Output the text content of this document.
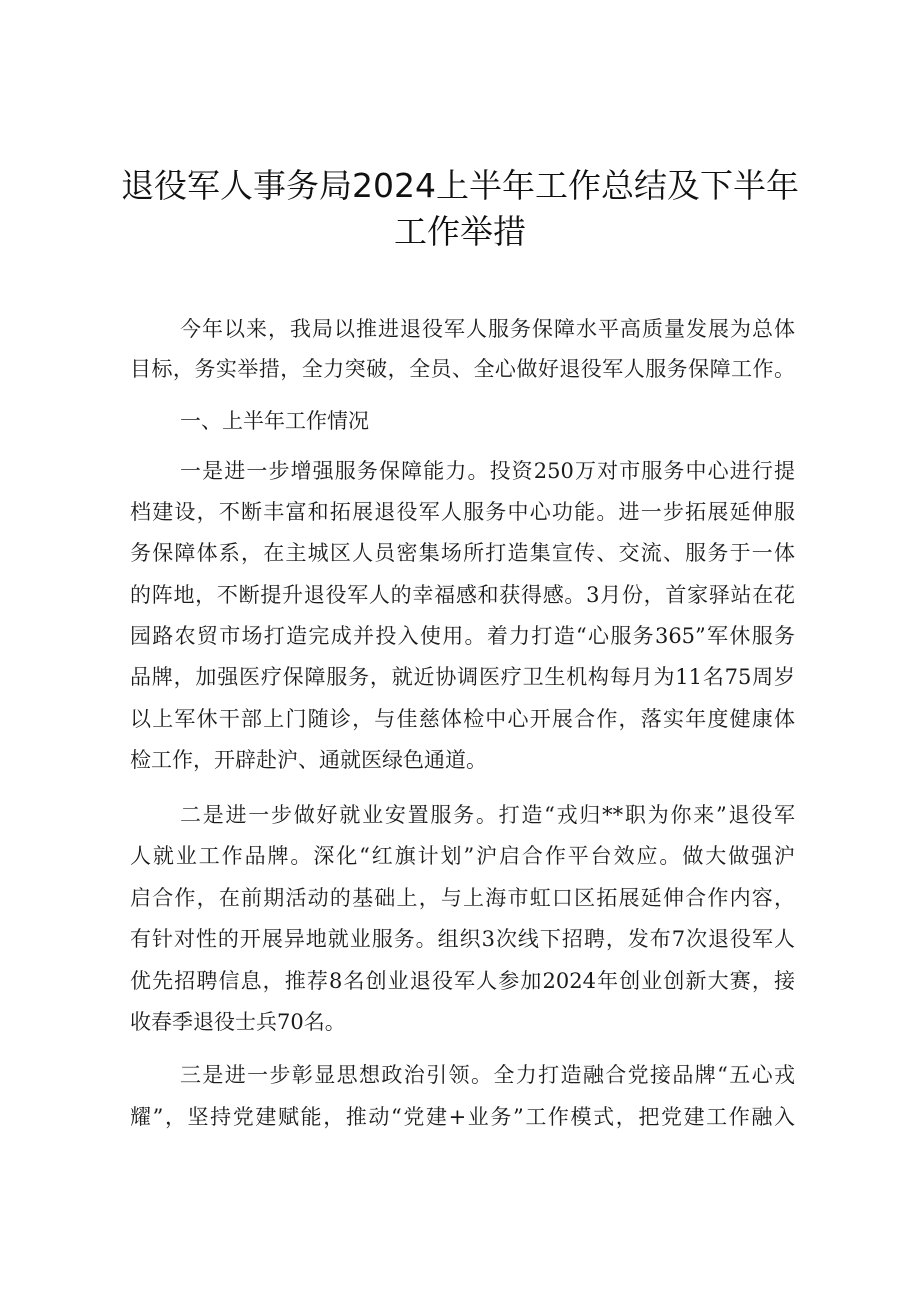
退役军人事务局2024上半年工作总结及下半年
工作举措
今年以来，我局以推进退役军人服务保障水平高质量发展为总体
目标，务实举措，全力突破，全员、全心做好退役军人服务保障工作。
一、上半年工作情况
一是进一步增强服务保障能力。投资250万对市服务中心进行提
档建设，不断丰富和拓展退役军人服务中心功能。进一步拓展延伸服
务保障体系，在主城区人员密集场所打造集宣传、交流、服务于一体
的阵地，不断提升退役军人的幸福感和获得感。3月份，首家驿站在花
园路农贸市场打造完成并投入使用。着力打造“心服务365”军休服务
品牌，加强医疗保障服务，就近协调医疗卫生机构每月为11名75周岁
以上军休干部上门随诊，与佳慈体检中心开展合作，落实年度健康体
检工作，开辟赴沪、通就医绿色通道。
二是进一步做好就业安置服务。打造“戎归**职为你来”退役军
人就业工作品牌。深化“红旗计划”沪启合作平台效应。做大做强沪
启合作，在前期活动的基础上，与上海市虹口区拓展延伸合作内容，
有针对性的开展异地就业服务。组织3次线下招聘，发布7次退役军人
优先招聘信息，推荐8名创业退役军人参加2024年创业创新大赛，接
收春季退役士兵70名。
三是进一步彰显思想政治引领。全力打造融合党接品牌“五心戎
耀”，坚持党建赋能，推动“党建+业务”工作模式，把党建工作融入
